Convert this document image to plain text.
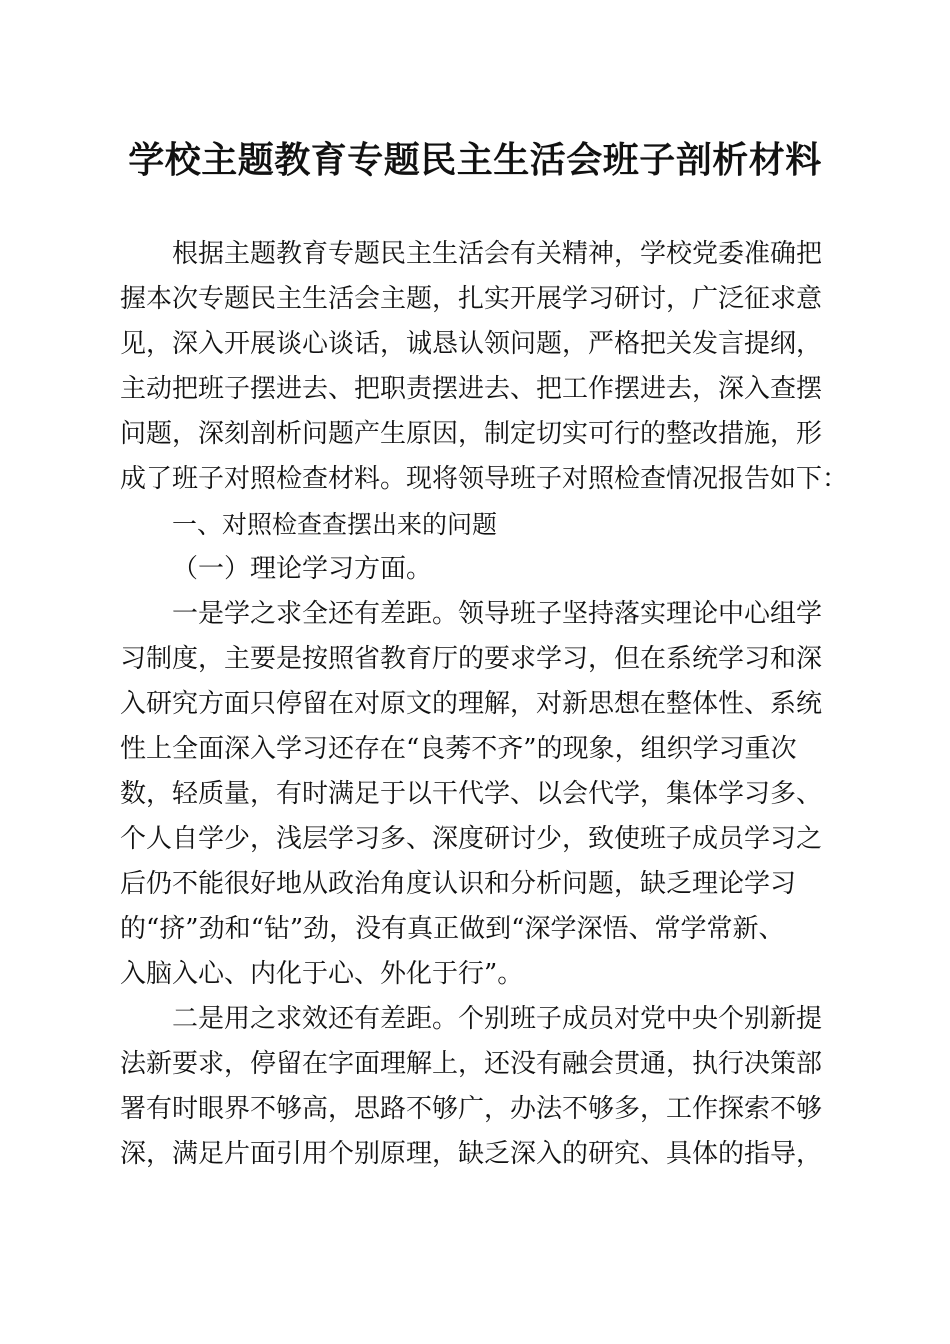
学校主题教育专题民主生活会班子剖析材料
根据主题教育专题民主生活会有关精神，学校党委准确把
握本次专题民主生活会主题，扎实开展学习研讨，广泛征求意
见，深入开展谈心谈话，诚恳认领问题，严格把关发言提纲，
主动把班子摆进去、把职责摆进去、把工作摆进去，深入查摆
问题，深刻剖析问题产生原因，制定切实可行的整改措施，形
成了班子对照检查材料。现将领导班子对照检查情况报告如下：
一、对照检查查摆出来的问题
（一）理论学习方面。
一是学之求全还有差距。领导班子坚持落实理论中心组学
习制度，主要是按照省教育厅的要求学习，但在系统学习和深
入研究方面只停留在对原文的理解，对新思想在整体性、系统
性上全面深入学习还存在“良莠不齐”的现象，组织学习重次
数，轻质量，有时满足于以干代学、以会代学，集体学习多、
个人自学少，浅层学习多、深度研讨少，致使班子成员学习之
后仍不能很好地从政治角度认识和分析问题，缺乏理论学习
的“挤”劲和“钻”劲，没有真正做到“深学深悟、常学常新、
入脑入心、内化于心、外化于行”。
二是用之求效还有差距。个别班子成员对党中央个别新提
法新要求，停留在字面理解上，还没有融会贯通，执行决策部
署有时眼界不够高，思路不够广，办法不够多，工作探索不够
深，满足片面引用个别原理，缺乏深入的研究、具体的指导，
